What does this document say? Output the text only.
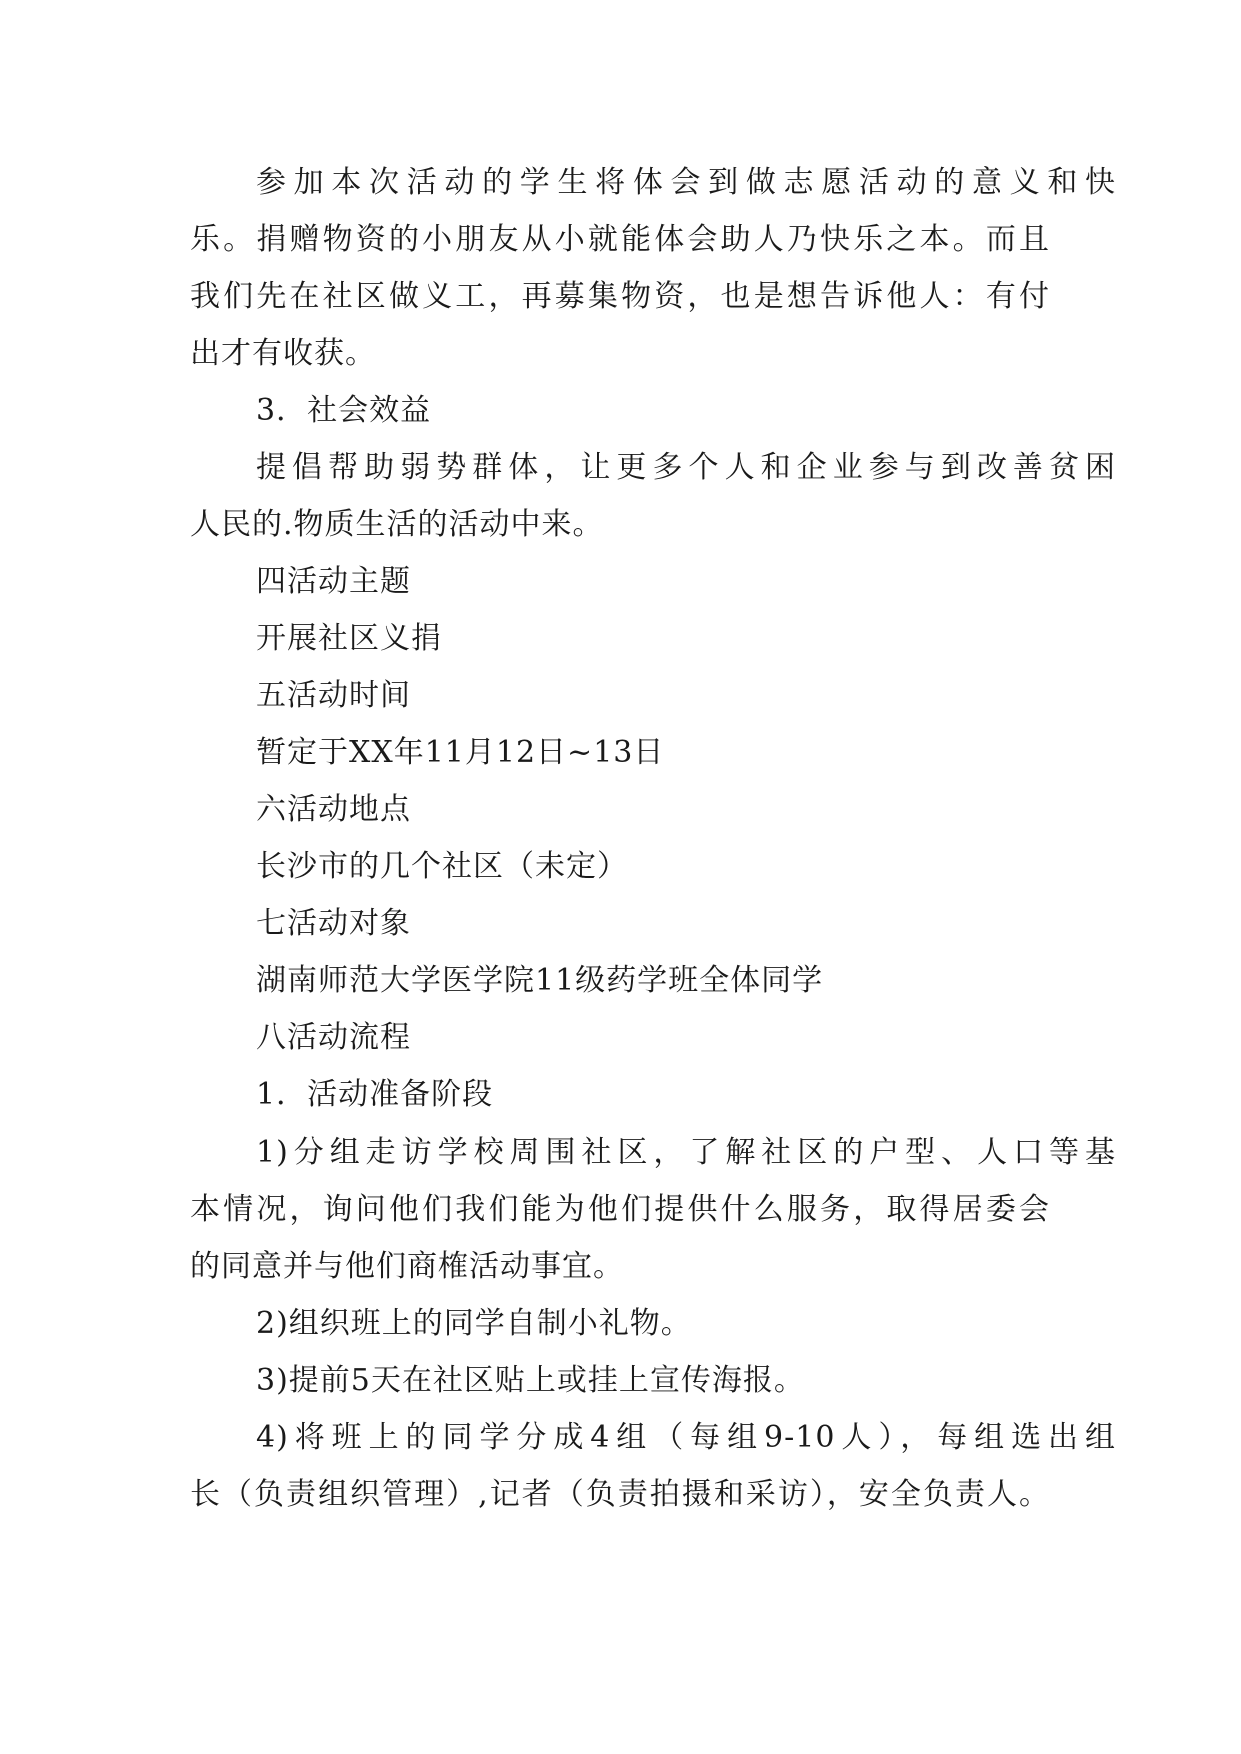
参加本次活动的学生将体会到做志愿活动的意义和快
乐。捐赠物资的小朋友从小就能体会助人乃快乐之本。而且
我们先在社区做义工，再募集物资，也是想告诉他人：有付
出才有收获。
3．社会效益
提倡帮助弱势群体，让更多个人和企业参与到改善贫困
人民的.物质生活的活动中来。
四活动主题
开展社区义捐
五活动时间
暂定于XX年11月12日~13日
六活动地点
长沙市的几个社区（未定）
七活动对象
湖南师范大学医学院11级药学班全体同学
八活动流程
1．活动准备阶段
1)分组走访学校周围社区，了解社区的户型、人口等基
本情况，询问他们我们能为他们提供什么服务，取得居委会
的同意并与他们商榷活动事宜。
2)组织班上的同学自制小礼物。
3)提前5天在社区贴上或挂上宣传海报。
4)将班上的同学分成4组（每组9-10人），每组选出组
长（负责组织管理）,记者（负责拍摄和采访），安全负责人。
